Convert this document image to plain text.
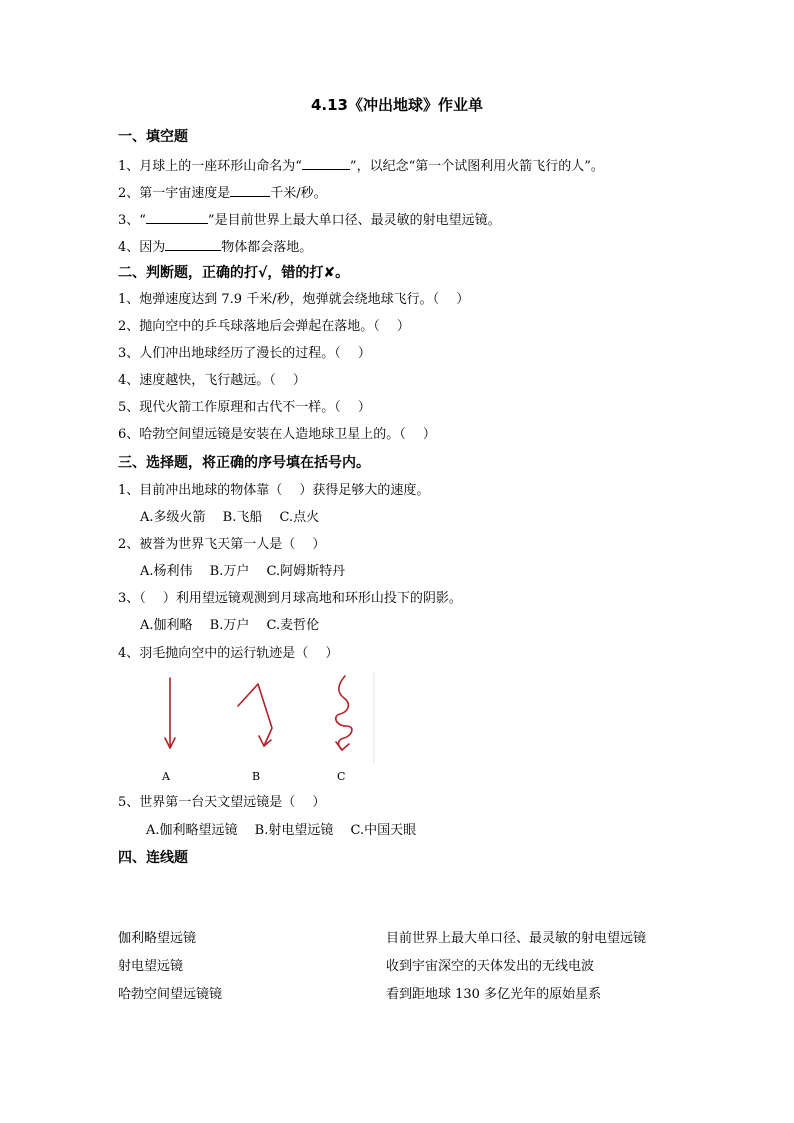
4.13《冲出地球》作业单
一、填空题
1、月球上的一座环形山命名为“	”，以纪念“第一个试图利用火箭飞行的人”。
2、第一宇宙速度是	千米/秒。
3、“	”是目前世界上最大单口径、最灵敏的射电望远镜。
4、因为	物体都会落地。
二、判断题，正确的打√，错的打✘。
1、炮弹速度达到 7.9 千米/秒，炮弹就会绕地球飞行。（　 ）
2、抛向空中的乒乓球落地后会弹起在落地。（　 ）
3、人们冲出地球经历了漫长的过程。（　 ）
4、速度越快，飞行越远。（　 ）
5、现代火箭工作原理和古代不一样。（　 ）
6、哈勃空间望远镜是安装在人造地球卫星上的。（　 ）
三、选择题，将正确的序号填在括号内。
1、目前冲出地球的物体靠（　 ）获得足够大的速度。
A.多级火箭　 B.飞船　 C.点火
2、被誉为世界飞天第一人是（　 ）
A.杨利伟　 B.万户　 C.阿姆斯特丹
3、（　 ）利用望远镜观测到月球高地和环形山投下的阴影。
A.伽利略　 B.万户　 C.麦哲伦
4、羽毛抛向空中的运行轨迹是（　 ）
A	B	C
5、世界第一台天文望远镜是（　 ）
A.伽利略望远镜　 B.射电望远镜　 C.中国天眼
四、连线题
伽利略望远镜
射电望远镜
哈勃空间望远镜镜
目前世界上最大单口径、最灵敏的射电望远镜
收到宇宙深空的天体发出的无线电波
看到距地球 130 多亿光年的原始星系
